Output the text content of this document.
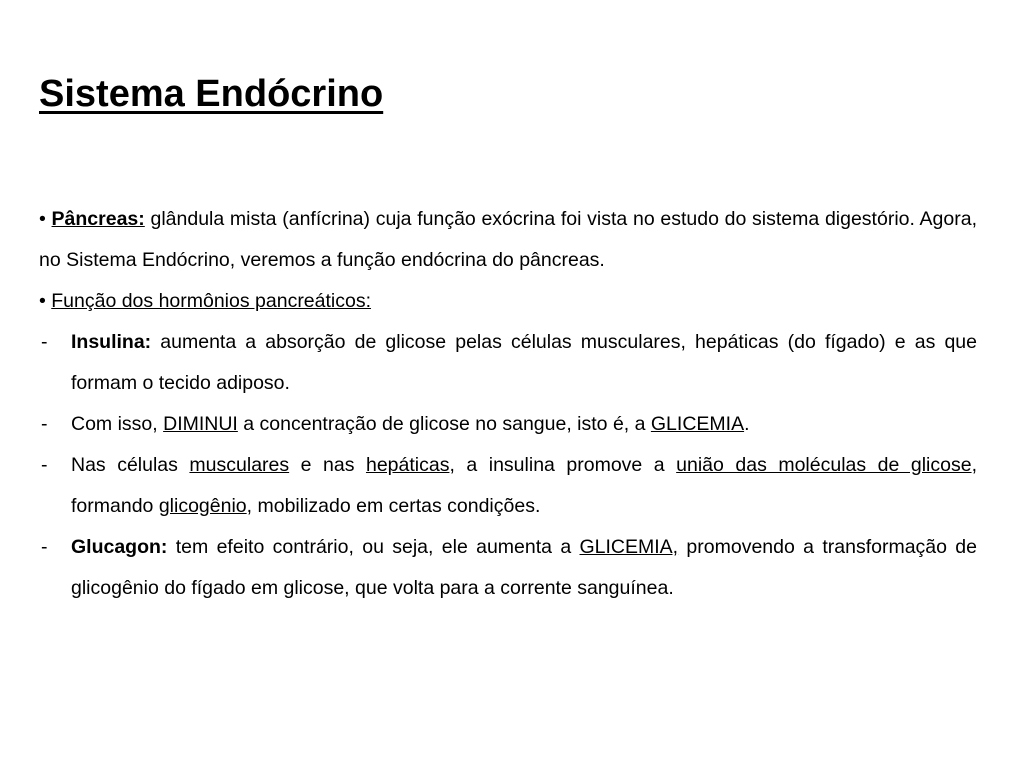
Sistema Endócrino

• Pâncreas: glândula mista (anfícrina) cuja função exócrina foi vista no estudo do sistema digestório. Agora, no Sistema Endócrino, veremos a função endócrina do pâncreas.

• Função dos hormônios pancreáticos:

- Insulina: aumenta a absorção de glicose pelas células musculares, hepáticas (do fígado) e as que formam o tecido adiposo.
- Com isso, DIMINUI a concentração de glicose no sangue, isto é, a GLICEMIA.
- Nas células musculares e nas hepáticas, a insulina promove a união das moléculas de glicose, formando glicogênio, mobilizado em certas condições.
- Glucagon: tem efeito contrário, ou seja, ele aumenta a GLICEMIA, promovendo a transformação de glicogênio do fígado em glicose, que volta para a corrente sanguínea.
